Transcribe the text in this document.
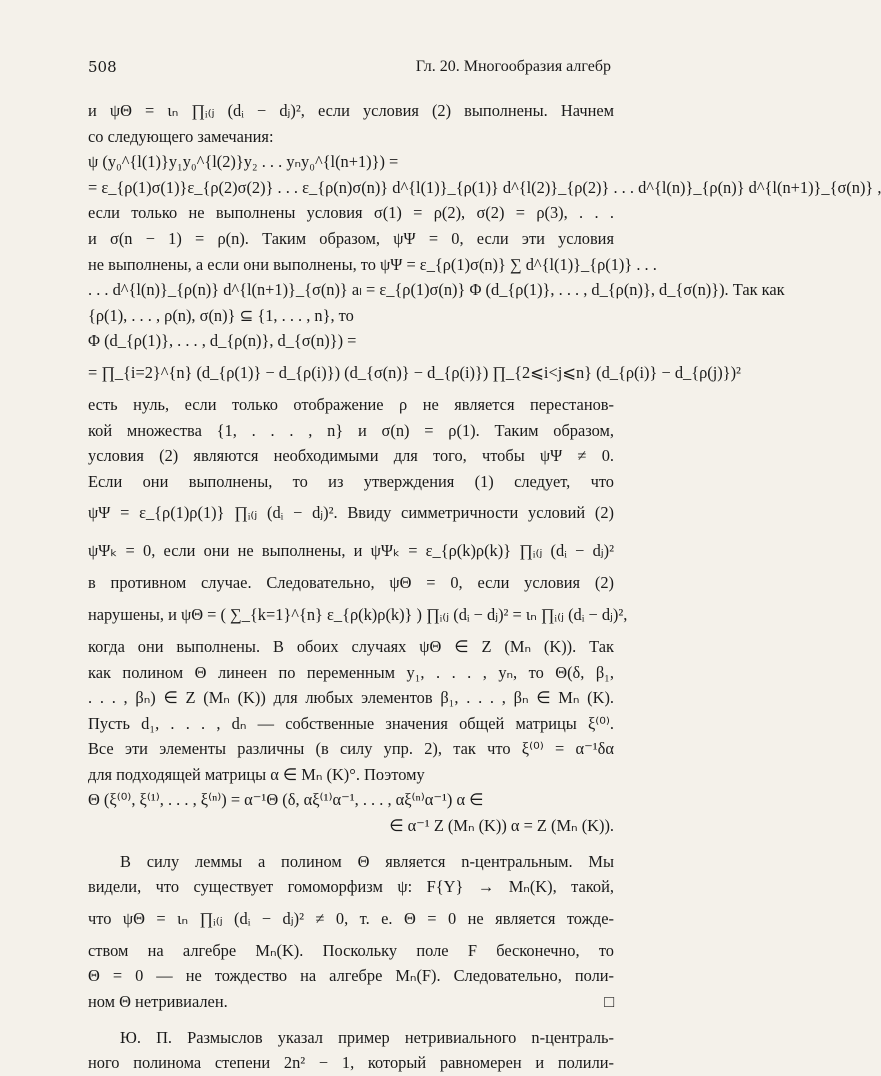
508	Гл. 20. Многообразия алгебр
и ψΘ = ιₙ ∏ᵢ₍ⱼ (dᵢ − dⱼ)², если условия (2) выполнены. Начнем
со следующего замечания:
ψ (y₀^{l(1)}y₁y₀^{l(2)}y₂ . . . yₙy₀^{l(n+1)}) =
= ε_{ρ(1)σ(1)}ε_{ρ(2)σ(2)} . . . ε_{ρ(n)σ(n)} d^{l(1)}_{ρ(1)} d^{l(2)}_{ρ(2)} . . . d^{l(n)}_{ρ(n)} d^{l(n+1)}_{σ(n)} ,
если только не выполнены условия σ(1) = ρ(2), σ(2) = ρ(3), . . .
и σ(n − 1) = ρ(n). Таким образом, ψΨ = 0, если эти условия
не выполнены, а если они выполнены, то ψΨ = ε_{ρ(1)σ(n)} ∑ d^{l(1)}_{ρ(1)} . . .
. . . d^{l(n)}_{ρ(n)} d^{l(n+1)}_{σ(n)} aₗ = ε_{ρ(1)σ(n)} Φ (d_{ρ(1)}, . . . , d_{ρ(n)}, d_{σ(n)}). Так как
{ρ(1), . . . , ρ(n), σ(n)} ⊆ {1, . . . , n}, то
Φ (d_{ρ(1)}, . . . , d_{ρ(n)}, d_{σ(n)}) =
= ∏_{i=2}^{n} (d_{ρ(1)} − d_{ρ(i)}) (d_{σ(n)} − d_{ρ(i)}) ∏_{2⩽i<j⩽n} (d_{ρ(i)} − d_{ρ(j)})²
есть нуль, если только отображение ρ не является перестанов-
кой множества {1, . . . , n} и σ(n) = ρ(1). Таким образом,
условия (2) являются необходимыми для того, чтобы ψΨ ≠ 0.
Если они выполнены, то из утверждения (1) следует, что
ψΨ = ε_{ρ(1)ρ(1)} ∏ᵢ₍ⱼ (dᵢ − dⱼ)². Ввиду симметричности условий (2)
ψΨₖ = 0, если они не выполнены, и ψΨₖ = ε_{ρ(k)ρ(k)} ∏ᵢ₍ⱼ (dᵢ − dⱼ)²
в противном случае. Следовательно, ψΘ = 0, если условия (2)
нарушены, и ψΘ = ( ∑_{k=1}^{n} ε_{ρ(k)ρ(k)} ) ∏ᵢ₍ⱼ (dᵢ − dⱼ)² = ιₙ ∏ᵢ₍ⱼ (dᵢ − dⱼ)²,
когда они выполнены. В обоих случаях ψΘ ∈ Z (Mₙ (K)). Так
как полином Θ линеен по переменным y₁, . . . , yₙ, то Θ(δ, β₁,
. . . , βₙ) ∈ Z (Mₙ (K)) для любых элементов β₁, . . . , βₙ ∈ Mₙ (K).
Пусть d₁, . . . , dₙ — собственные значения общей матрицы ξ⁽⁰⁾.
Все эти элементы различны (в силу упр. 2), так что ξ⁽⁰⁾ = α⁻¹δα
для подходящей матрицы α ∈ Mₙ (K)°. Поэтому
Θ (ξ⁽⁰⁾, ξ⁽¹⁾, . . . , ξ⁽ⁿ⁾) = α⁻¹Θ (δ, αξ⁽¹⁾α⁻¹, . . . , αξ⁽ⁿ⁾α⁻¹) α ∈
∈ α⁻¹ Z (Mₙ (K)) α = Z (Mₙ (K)).
В силу леммы а полином Θ является n-центральным. Мы
видели, что существует гомоморфизм ψ: F{Y} → Mₙ(K), такой,
что ψΘ = ιₙ ∏ᵢ₍ⱼ (dᵢ − dⱼ)² ≠ 0, т. е. Θ = 0 не является тожде-
ством на алгебре Mₙ(K). Поскольку поле F бесконечно, то
Θ = 0 — не тождество на алгебре Mₙ(F). Следовательно, поли-
ном Θ нетривиален.	□
Ю. П. Размыслов указал пример нетривиального n-централь-
ного полинома степени 2n² − 1, который равномерен и полили-
